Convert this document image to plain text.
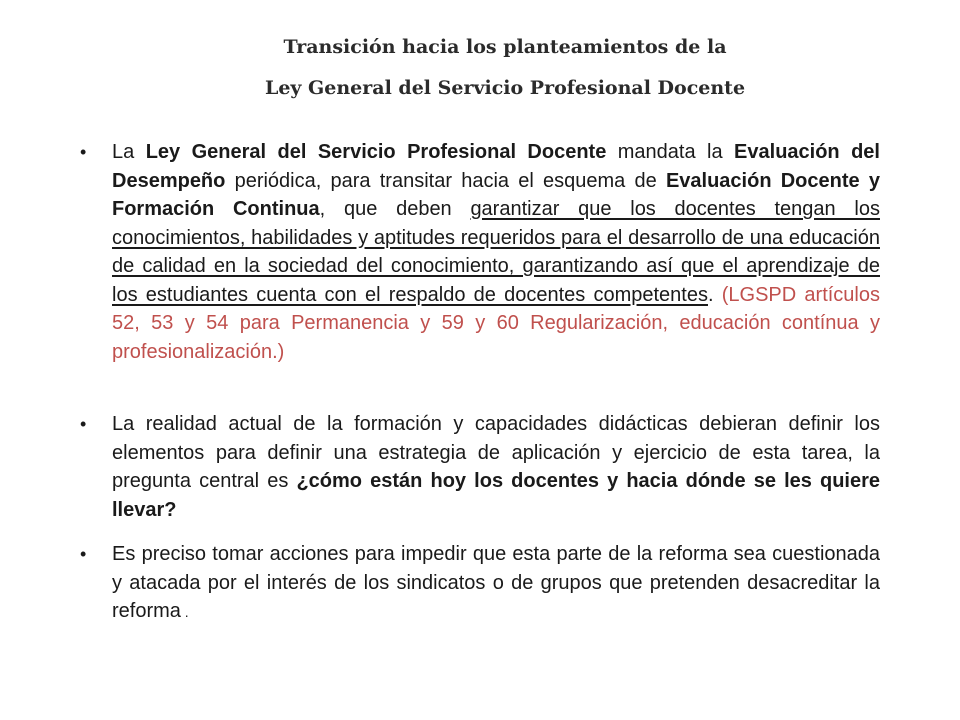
Transición hacia los planteamientos de la
Ley General del Servicio Profesional Docente
•	La Ley General del Servicio Profesional Docente mandata la Evaluación del Desempeño periódica, para transitar hacia el esquema de Evaluación Docente y Formación Continua, que deben garantizar que los docentes tengan los conocimientos, habilidades y aptitudes requeridos para el desarrollo de una educación de calidad en la sociedad del conocimiento, garantizando así que el aprendizaje de los estudiantes cuenta con el respaldo de docentes competentes. (LGSPD artículos 52, 53 y 54 para Permanencia y 59 y 60 Regularización, educación contínua y profesionalización.)
•	La realidad actual de la formación y capacidades didácticas debieran definir los elementos para definir una estrategia de aplicación y ejercicio de esta tarea, la pregunta central es ¿cómo están hoy los docentes y hacia dónde se les quiere llevar?
•	Es preciso tomar acciones para impedir que esta parte de la reforma sea cuestionada y atacada por el interés de los sindicatos o de grupos que pretenden desacreditar la reforma .
